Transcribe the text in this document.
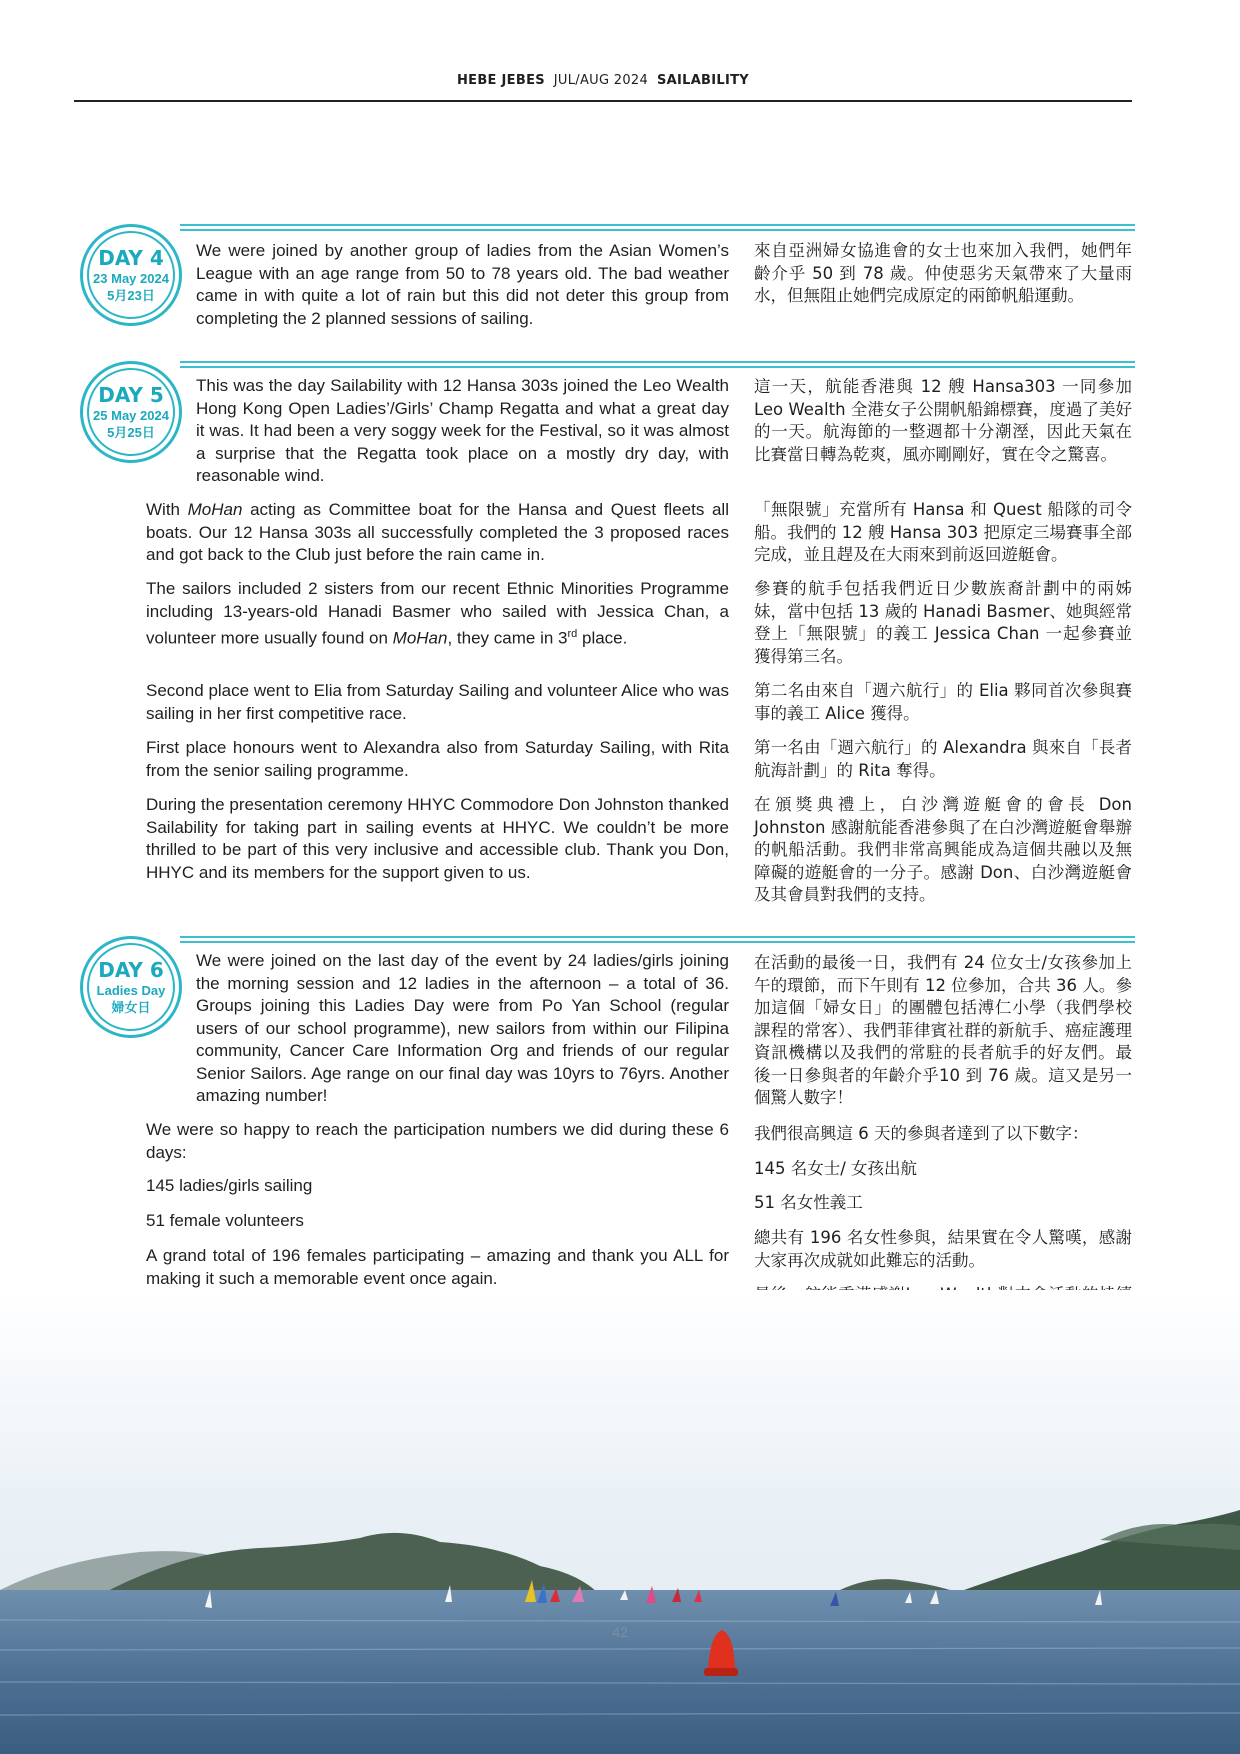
HEBE JEBES JUL/AUG 2024 SAILABILITY
DAY 4
23 May 2024
5月23日

We were joined by another group of ladies from the Asian Women’s League with an age range from 50 to 78 years old. The bad weather came in with quite a lot of rain but this did not deter this group from completing the 2 planned sessions of sailing.

來自亞洲婦女協進會的女士也來加入我們，她們年齡介乎 50 到 78 歲。仲使惡劣天氣帶來了大量雨水，但無阻止她們完成原定的兩節帆船運動。

DAY 5
25 May 2024
5月25日

This was the day Sailability with 12 Hansa 303s joined the Leo Wealth Hong Kong Open Ladies’/Girls’ Champ Regatta and what a great day it was. It had been a very soggy week for the Festival, so it was almost a surprise that the Regatta took place on a mostly dry day, with reasonable wind.

With MoHan acting as Committee boat for the Hansa and Quest fleets all boats. Our 12 Hansa 303s all successfully completed the 3 proposed races and got back to the Club just before the rain came in.

The sailors included 2 sisters from our recent Ethnic Minorities Programme including 13-years-old Hanadi Basmer who sailed with Jessica Chan, a volunteer more usually found on MoHan, they came in 3rd place.

Second place went to Elia from Saturday Sailing and volunteer Alice who was sailing in her first competitive race.

First place honours went to Alexandra also from Saturday Sailing, with Rita from the senior sailing programme.

During the presentation ceremony HHYC Commodore Don Johnston thanked Sailability for taking part in sailing events at HHYC. We couldn’t be more thrilled to be part of this very inclusive and accessible club. Thank you Don, HHYC and its members for the support given to us.

這一天，航能香港與 12 艘 Hansa303 一同參加 Leo Wealth 全港女子公開帆船錦標賽，度過了美好的一天。航海節的一整週都十分潮溼，因此天氣在比賽當日轉為乾爽，風亦剛剛好，實在令之驚喜。

「無限號」充當所有 Hansa 和 Quest 船隊的司令船。我們的 12 艘 Hansa 303 把原定三場賽事全部完成，並且趕及在大雨來到前返回遊艇會。

參賽的航手包括我們近日少數族裔計劃中的兩姊妹，當中包括 13 歲的 Hanadi Basmer、她與經常登上「無限號」的義工 Jessica Chan 一起參賽並獲得第三名。

第二名由來自「週六航行」的 Elia 夥同首次參與賽事的義工 Alice 獲得。

第一名由「週六航行」的 Alexandra 與來自「長者航海計劃」的 Rita 奪得。

在頒獎典禮上，白沙灣遊艇會的會長 Don Johnston 感謝航能香港參與了在白沙灣遊艇會舉辦的帆船活動。我們非常高興能成為這個共融以及無障礙的遊艇會的一分子。感謝 Don、白沙灣遊艇會及其會員對我們的支持。

DAY 6
Ladies Day
婦女日

We were joined on the last day of the event by 24 ladies/girls joining the morning session and 12 ladies in the afternoon – a total of 36. Groups joining this Ladies Day were from Po Yan School (regular users of our school programme), new sailors from within our Filipina community, Cancer Care Information Org and friends of our regular Senior Sailors. Age range on our final day was 10yrs to 76yrs. Another amazing number!

We were so happy to reach the participation numbers we did during these 6 days:

145 ladies/girls sailing

51 female volunteers

A grand total of 196 females participating – amazing and thank you ALL for making it such a memorable event once again.

在活動的最後一日，我們有 24 位女士/女孩參加上午的環節，而下午則有 12 位參加，合共 36 人。參加這個「婦女日」的團體包括溥仁小學（我們學校課程的常客）、我們菲律賓社群的新航手、癌症護理資訊機構以及我們的常駐的長者航手的好友們。最後一日參與者的年齡介乎10 到 76 歲。這又是另一個驚人數字！

我們很高興這 6 天的參與者達到了以下數字：

145 名女士/ 女孩出航

51 名女性義工

總共有 196 名女性參與，結果實在令人驚嘆，感謝大家再次成就如此難忘的活動。

42
